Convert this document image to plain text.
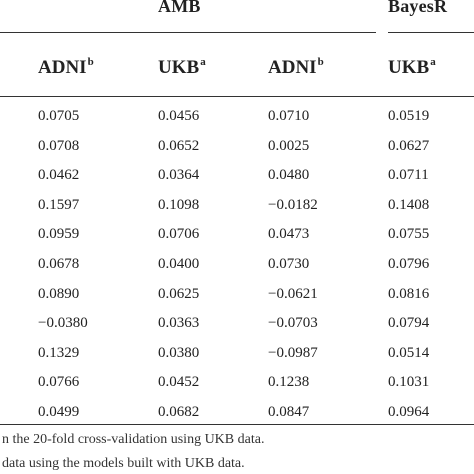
AMB	BayesR
ADNI$^b$	UKB$^a$	ADNI$^b$	UKB$^a$
0.0705	0.0456	0.0710	0.0519
0.0708	0.0652	0.0025	0.0627
0.0462	0.0364	0.0480	0.0711
0.1597	0.1098	−0.0182	0.1408
0.0959	0.0706	0.0473	0.0755
0.0678	0.0400	0.0730	0.0796
0.0890	0.0625	−0.0621	0.0816
−0.0380	0.0363	−0.0703	0.0794
0.1329	0.0380	−0.0987	0.0514
0.0766	0.0452	0.1238	0.1031
0.0499	0.0682	0.0847	0.0964
n the 20-fold cross-validation using UKB data.
data using the models built with UKB data.
